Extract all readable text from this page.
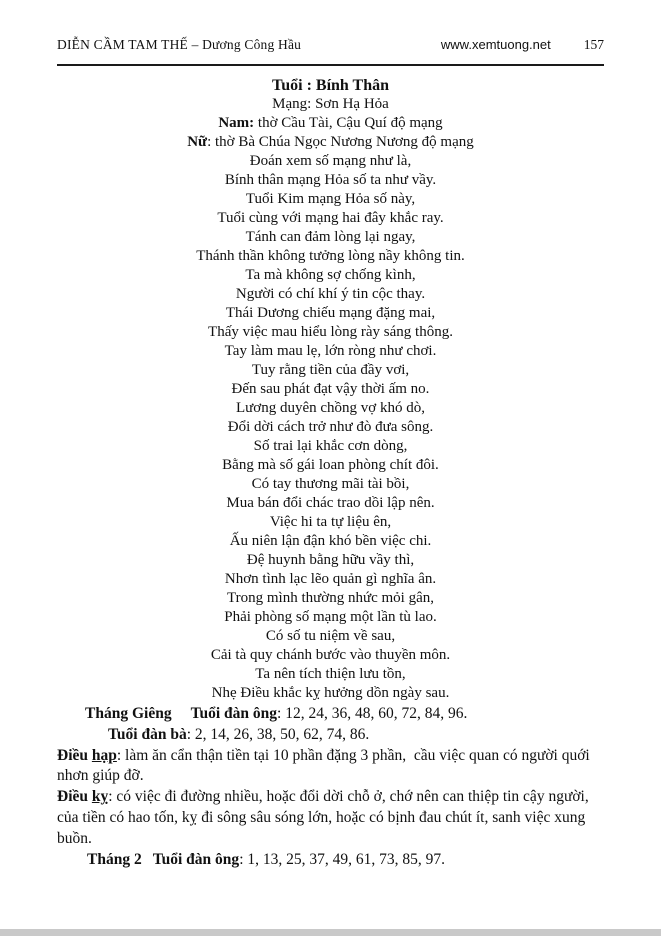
DIỄN CẦM TAM THẾ – Dương Công Hầu	www.xemtuong.net 157
Tuổi : Bính Thân
Mạng: Sơn Hạ Hỏa
Nam: thờ Cầu Tài, Cậu Quí độ mạng
Nữ: thờ Bà Chúa Ngọc Nương Nương độ mạng
Đoán xem số mạng như là,
Bính thân mạng Hỏa số ta như vầy.
Tuổi Kim mạng Hỏa số này,
Tuổi cùng với mạng hai đây khắc ray.
Tánh can đảm lòng lại ngay,
Thánh thần không tưởng lòng nầy không tin.
Ta mà không sợ chống kình,
Người có chí khí ý tin cộc thay.
Thái Dương chiếu mạng đặng mai,
Thấy việc mau hiểu lòng rày sáng thông.
Tay làm mau lẹ, lớn ròng như chơi.
Tuy rằng tiền của đầy vơi,
Đến sau phát đạt vậy thời ấm no.
Lương duyên chồng vợ khó dò,
Đổi dời cách trở như đò đưa sông.
Số trai lại khắc cơn dòng,
Bằng mà số gái loan phòng chít đôi.
Có tay thương mãi tài bồi,
Mua bán đổi chác trao dồi lập nên.
Việc hi ta tự liệu ên,
Ấu niên lận đận khó bền việc chi.
Đệ huynh bằng hữu vầy thì,
Nhơn tình lạc lẽo quản gì nghĩa ân.
Trong mình thường nhức mỏi gân,
Phải phòng số mạng một lần tù lao.
Có số tu niệm về sau,
Cải tà quy chánh bước vào thuyền môn.
Ta nên tích thiện lưu tồn,
Nhẹ Điều khắc kỵ hưởng dồn ngày sau.
Tháng Giêng Tuổi đàn ông: 12, 24, 36, 48, 60, 72, 84, 96.
Tuổi đàn bà: 2, 14, 26, 38, 50, 62, 74, 86.

Điều hạp: làm ăn cẩn thận tiền tại 10 phần đặng 3 phần,  cầu việc quan có người quới nhơn giúp đỡ.

Điều kỵ: có việc đi đường nhiều, hoặc đổi dời chỗ ở, chớ nên can thiệp tin cậy người, của tiền có hao tốn, kỵ đi sông sâu sóng lớn, hoặc có bịnh đau chút ít, sanh việc xung buồn.

Tháng 2 Tuổi đàn ông: 1, 13, 25, 37, 49, 61, 73, 85, 97.
